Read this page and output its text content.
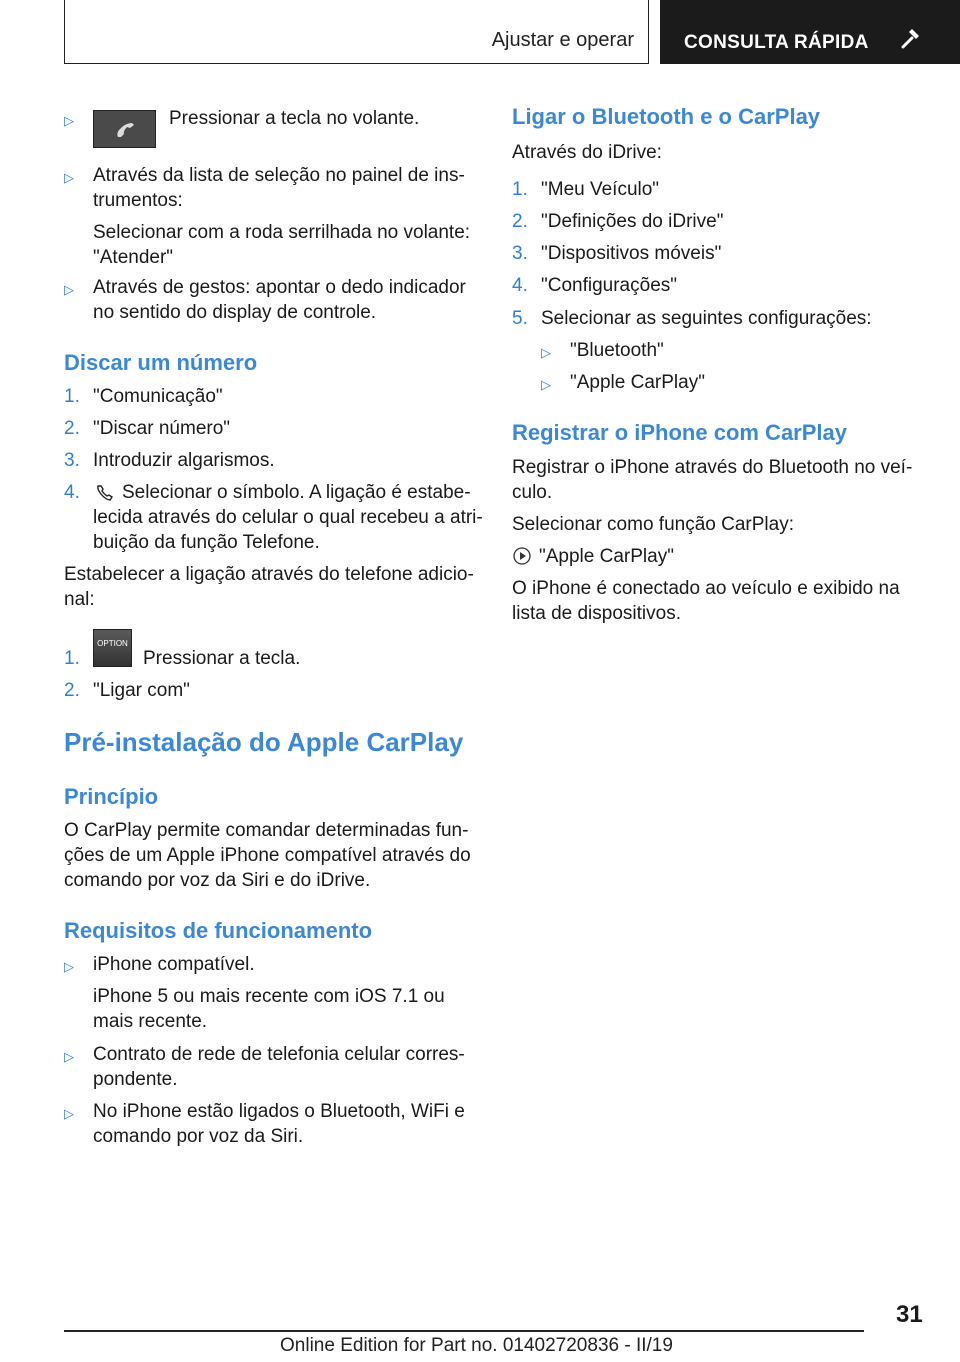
Ajustar e operar	CONSULTA RÁPIDA
▷	Pressionar a tecla no volante.
▷ Através da lista de seleção no painel de ins-
trumentos:
Selecionar com a roda serrilhada no volante:
"Atender"
▷ Através de gestos: apontar o dedo indicador
no sentido do display de controle.
Discar um número
1. "Comunicação"
2. "Discar número"
3. Introduzir algarismos.
4. Selecionar o símbolo. A ligação é estabe-
lecida através do celular o qual recebeu a atri-
buição da função Telefone.
Estabelecer a ligação através do telefone adicio-
nal:
1.
OPTION
Pressionar a tecla.
2. "Ligar com"
Pré-instalação do Apple CarPlay
Princípio
O CarPlay permite comandar determinadas fun-
ções de um Apple iPhone compatível através do
comando por voz da Siri e do iDrive.
Requisitos de funcionamento
▷ iPhone compatível.
iPhone 5 ou mais recente com iOS 7.1 ou
mais recente.
▷ Contrato de rede de telefonia celular corres-
pondente.
▷ No iPhone estão ligados o Bluetooth, WiFi e
comando por voz da Siri.
Ligar o Bluetooth e o CarPlay
Através do iDrive:
1. "Meu Veículo"
2. "Definições do iDrive"
3. "Dispositivos móveis"
4. "Configurações"
5. Selecionar as seguintes configurações:
▷ "Bluetooth"
▷ "Apple CarPlay"
Registrar o iPhone com CarPlay
Registrar o iPhone através do Bluetooth no veí-
culo.
Selecionar como função CarPlay:
"Apple CarPlay"
O iPhone é conectado ao veículo e exibido na
lista de dispositivos.
31
Online Edition for Part no. 01402720836 - II/19
